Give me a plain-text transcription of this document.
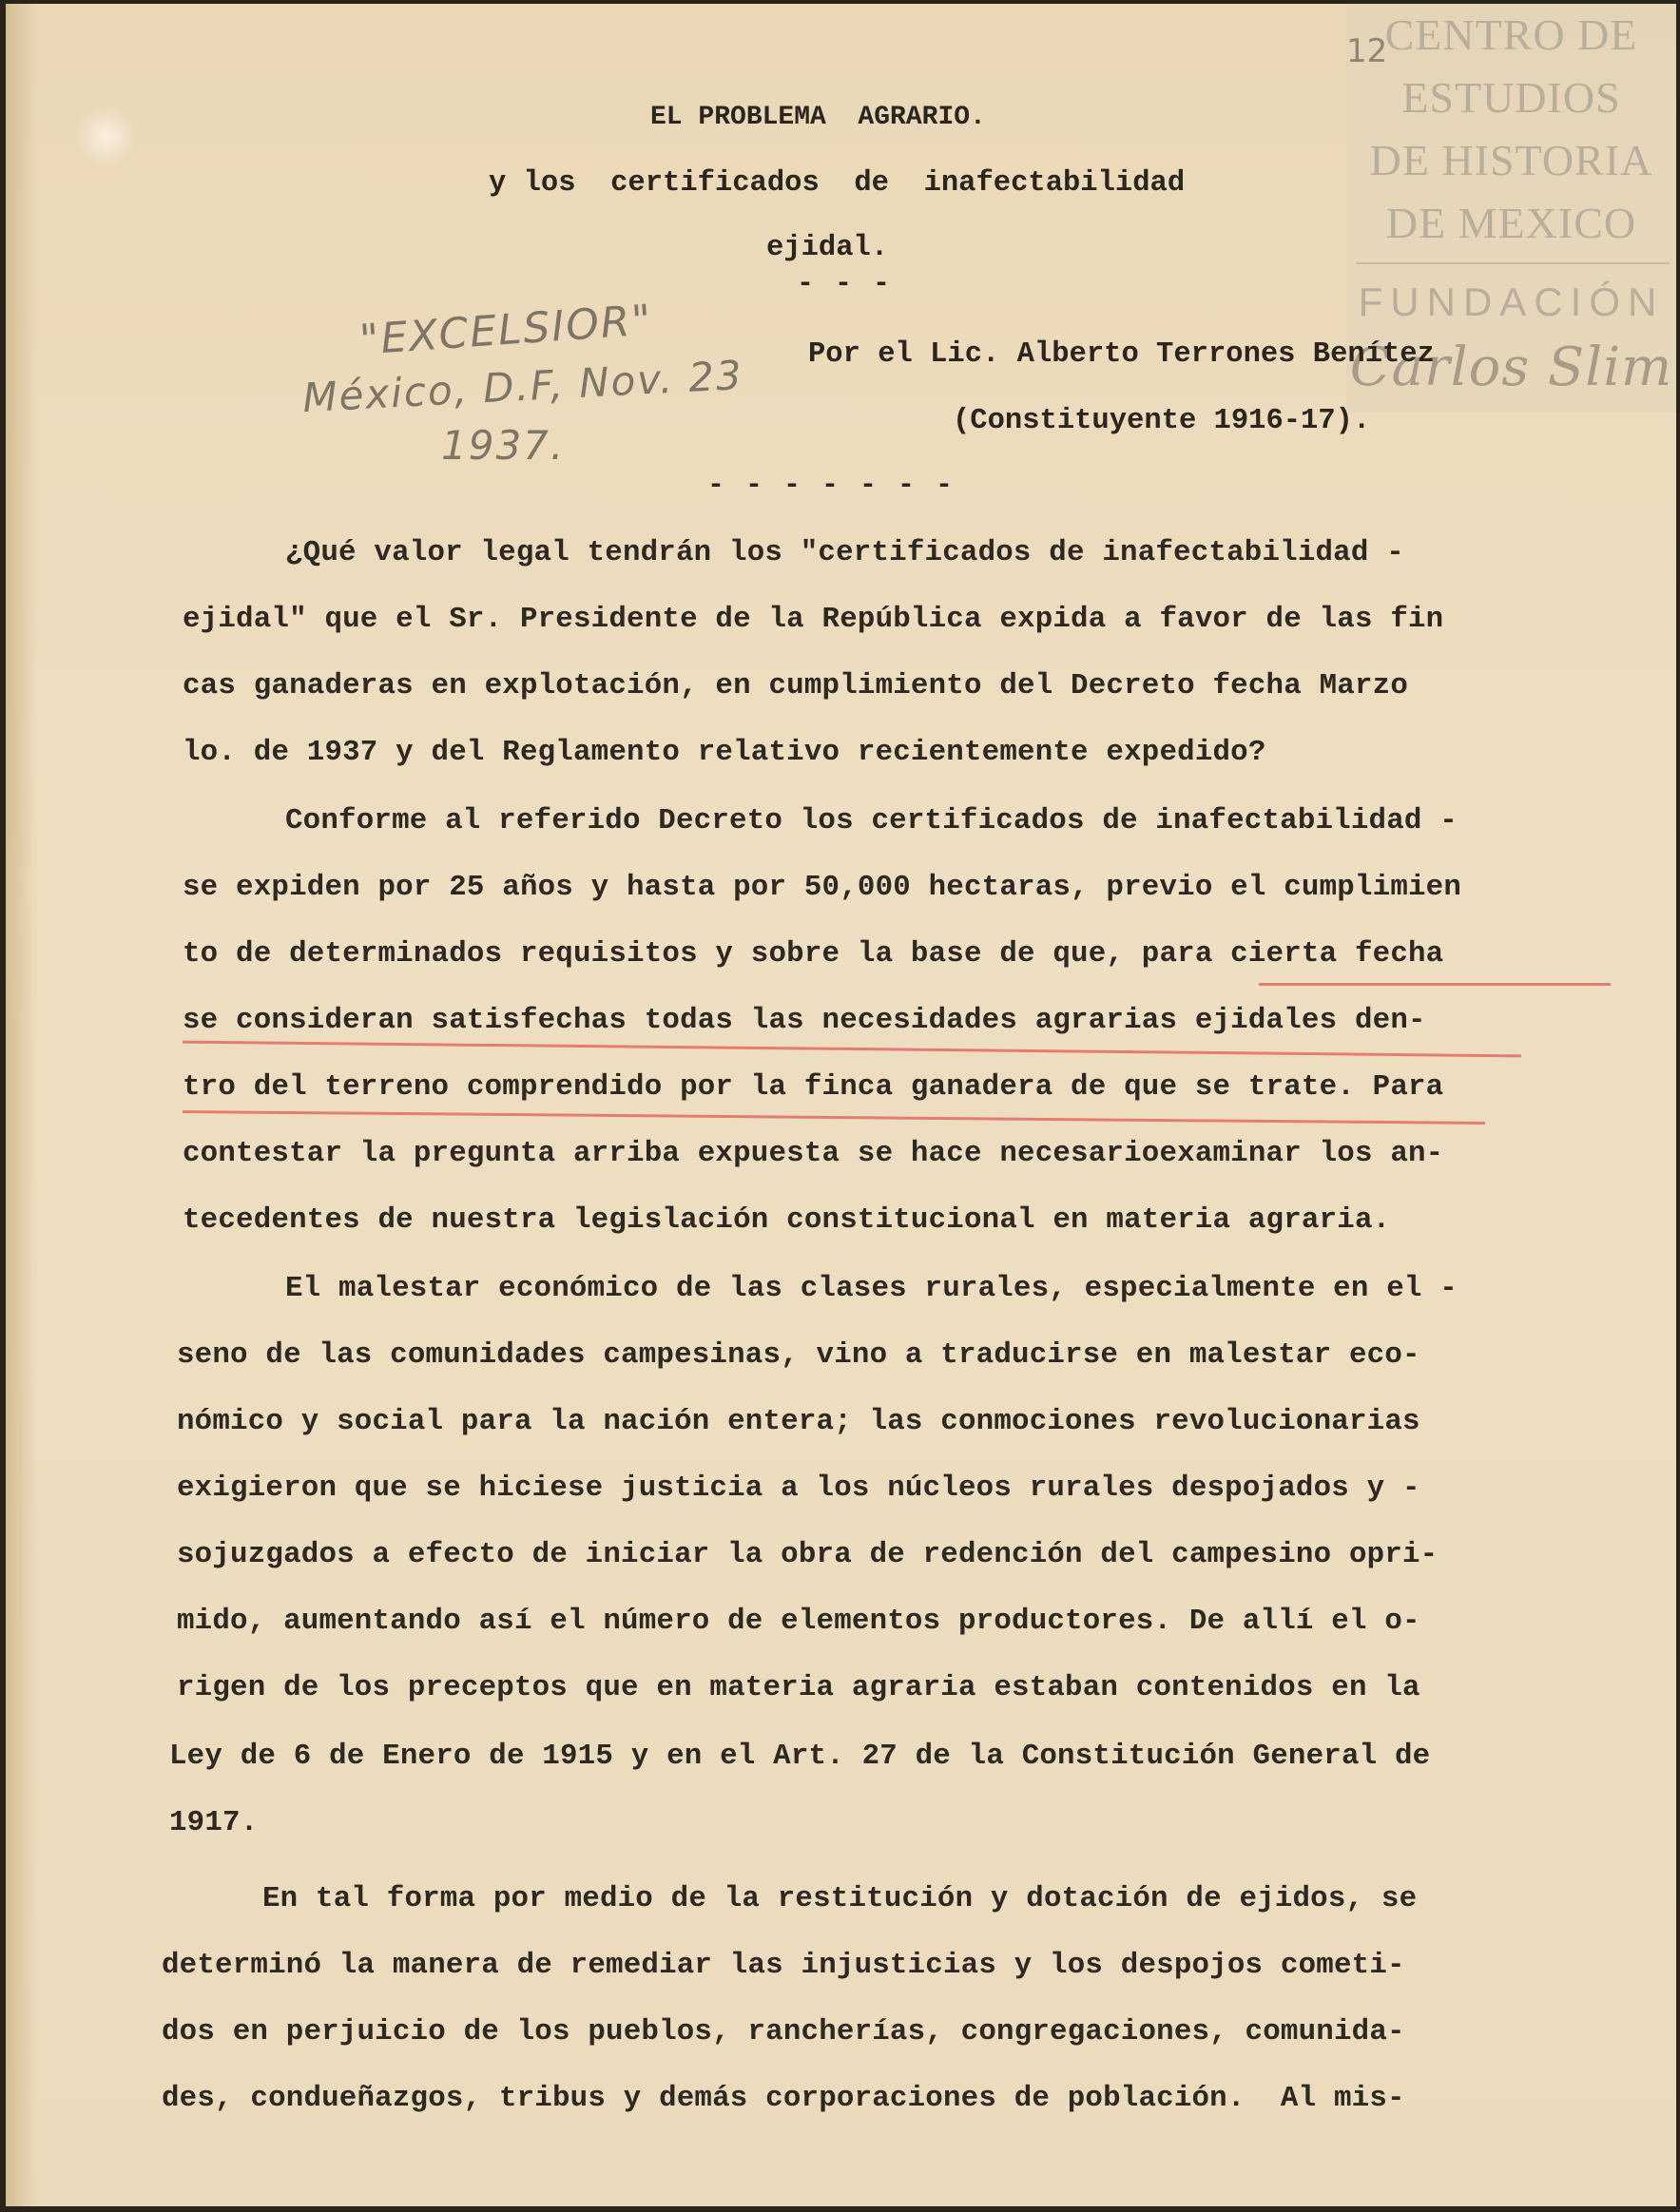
CENTRO DE
ESTUDIOS
DE HISTORIA
DE MEXICO
FUNDACIÓN
Carlos Slim
12
"EXCELSIOR"
México, D.F, Nov. 23
1937.
EL PROBLEMA  AGRARIO.
y los  certificados  de  inafectabilidad
ejidal.
---
Por el Lic. Alberto Terrones Benítez
(Constituyente 1916-17).
-------
¿Qué valor legal tendrán los "certificados de inafectabilidad -
ejidal" que el Sr. Presidente de la República expida a favor de las fin
cas ganaderas en explotación, en cumplimiento del Decreto fecha Marzo
lo. de 1937 y del Reglamento relativo recientemente expedido?
Conforme al referido Decreto los certificados de inafectabilidad -
se expiden por 25 años y hasta por 50,000 hectaras, previo el cumplimien
to de determinados requisitos y sobre la base de que, para cierta fecha
se consideran satisfechas todas las necesidades agrarias ejidales den-
tro del terreno comprendido por la finca ganadera de que se trate. Para
contestar la pregunta arriba expuesta se hace necesarioexaminar los an-
tecedentes de nuestra legislación constitucional en materia agraria.
El malestar económico de las clases rurales, especialmente en el -
seno de las comunidades campesinas, vino a traducirse en malestar eco-
nómico y social para la nación entera; las conmociones revolucionarias
exigieron que se hiciese justicia a los núcleos rurales despojados y -
sojuzgados a efecto de iniciar la obra de redención del campesino opri-
mido, aumentando así el número de elementos productores. De allí el o-
rigen de los preceptos que en materia agraria estaban contenidos en la
Ley de 6 de Enero de 1915 y en el Art. 27 de la Constitución General de
1917.
En tal forma por medio de la restitución y dotación de ejidos, se
determinó la manera de remediar las injusticias y los despojos cometi-
dos en perjuicio de los pueblos, rancherías, congregaciones, comunida-
des, condueñazgos, tribus y demás corporaciones de población.  Al mis-
